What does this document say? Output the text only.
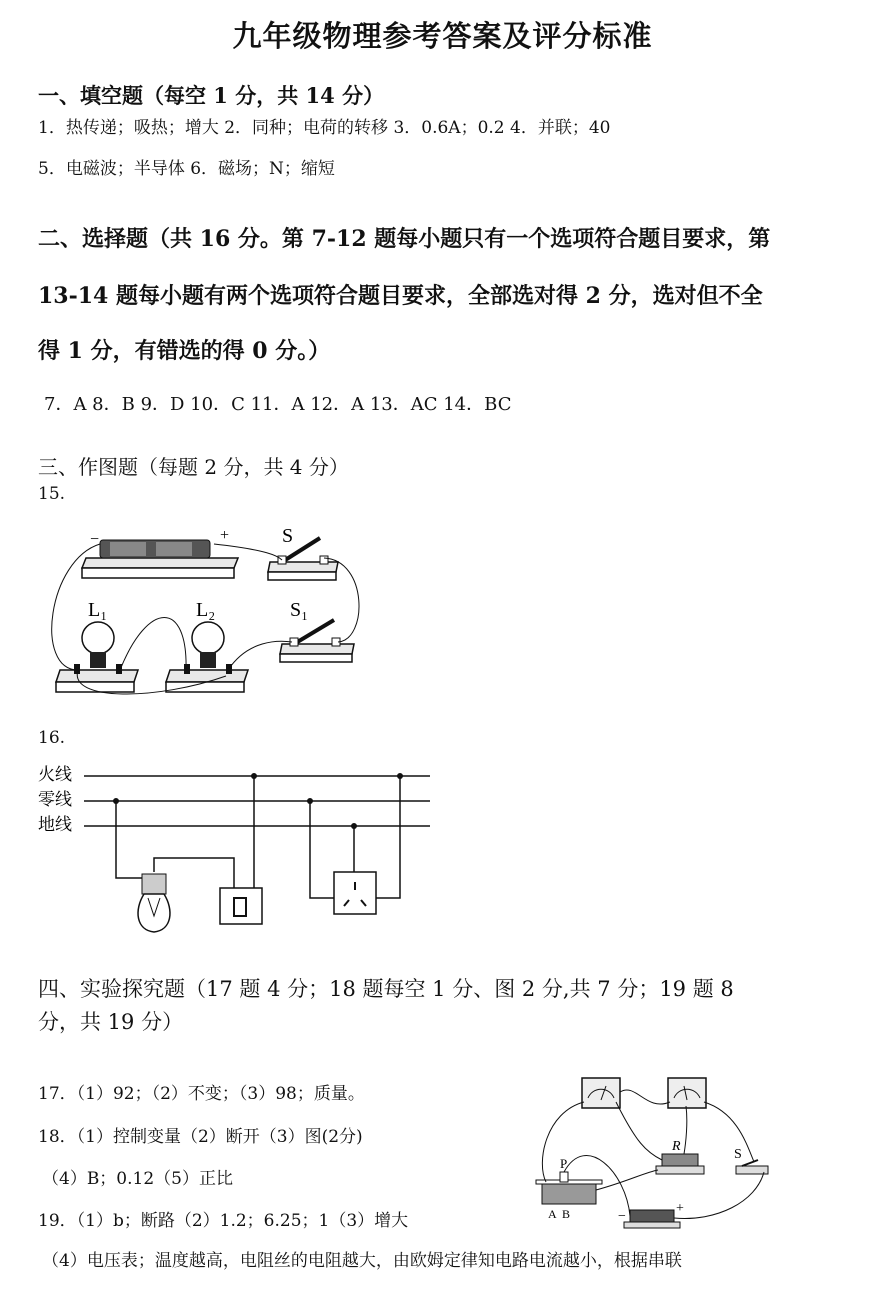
九年级物理参考答案及评分标准
一、填空题（每空 1 分，共 14 分）
1．热传递；吸热；增大 2．同种；电荷的转移 3．0.6A；0.2 4．并联；40
5．电磁波；半导体 6．磁场；N；缩短
二、选择题（共 16 分。第 7-12 题每小题只有一个选项符合题目要求，第
13-14 题每小题有两个选项符合题目要求，全部选对得 2 分，选对但不全
得 1 分，有错选的得 0 分。）
7．A 8．B 9．D 10．C 11．A 12．A 13．AC 14．BC
三、作图题（每题 2 分，共 4 分）
15.
−	+	S
L₁	L₂	S₁
16.
火线
零线
地线
四、实验探究题（17 题 4 分；18 题每空 1 分、图 2 分,共 7 分；19 题 8
分，共 19 分）
17．（1）92；（2）不变；（3）98；质量。
18．（1）控制变量（2）断开（3）图(2分)
（4）B；0.12（5）正比
19．（1）b；断路（2）1.2；6.25；1（3）增大
（4）电压表；温度越高，电阻丝的电阻越大，由欧姆定律知电路电流越小，根据串联
R
S
P
A B	−
+
